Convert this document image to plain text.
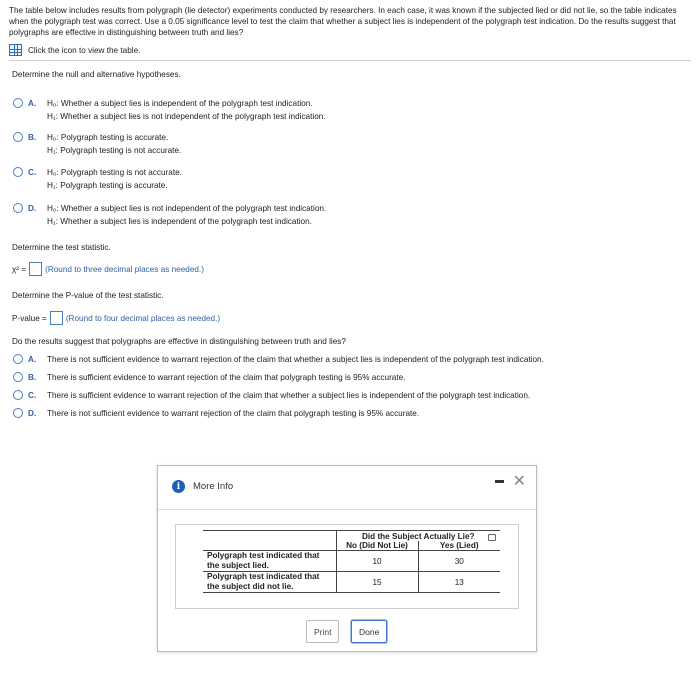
The table below includes results from polygraph (lie detector) experiments conducted by researchers. In each case, it was known if the subjected lied or did not lie, so the table indicates when the polygraph test was correct. Use a 0.05 significance level to test the claim that whether a subject lies is independent of the polygraph test indication. Do the results suggest that polygraphs are effective in distinguishing between truth and lies?
Click the icon to view the table.
Determine the null and alternative hypotheses.
A.	H₀: Whether a subject lies is independent of the polygraph test indication.
H₁: Whether a subject lies is not independent of the polygraph test indication.
B.	H₀: Polygraph testing is accurate.
H₁: Polygraph testing is not accurate.
C.	H₀: Polygraph testing is not accurate.
H₁: Polygraph testing is accurate.
D.	H₀: Whether a subject lies is not independent of the polygraph test indication.
H₁: Whether a subject lies is independent of the polygraph test indication.
Determine the test statistic.
χ² = (Round to three decimal places as needed.)
Determine the P-value of the test statistic.
P-value = (Round to four decimal places as needed.)
Do the results suggest that polygraphs are effective in distinguishing between truth and lies?
A.	There is not sufficient evidence to warrant rejection of the claim that whether a subject lies is independent of the polygraph test indication.
B.	There is sufficient evidence to warrant rejection of the claim that polygraph testing is 95% accurate.
C.	There is sufficient evidence to warrant rejection of the claim that whether a subject lies is independent of the polygraph test indication.
D.	There is not sufficient evidence to warrant rejection of the claim that polygraph testing is 95% accurate.
i	More Info	✕
	Did the Subject Actually Lie?	
	No (Did Not Lie)	Yes (Lied)
Polygraph test indicated that the subject lied.	10	30
Polygraph test indicated that the subject did not lie.	15	13
Print	Done
